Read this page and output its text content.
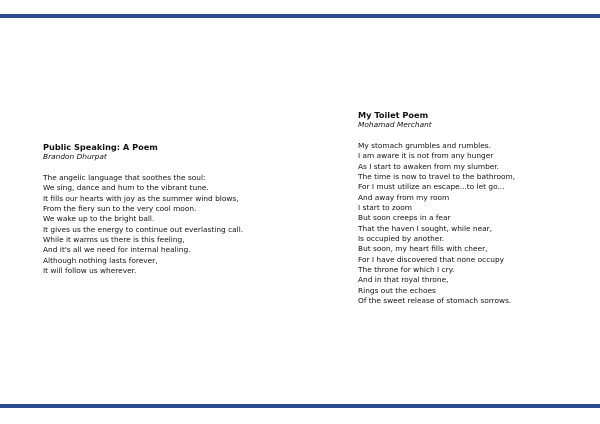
Public Speaking: A Poem

Brandon Dhurpat

The angelic language that soothes the soul:
We sing, dance and hum to the vibrant tune.
It fills our hearts with joy as the summer wind blows,
From the fiery sun to the very cool moon.
We wake up to the bright ball.
It gives us the energy to continue out everlasting call.
While it warms us there is this feeling,
And it's all we need for internal healing.
Although nothing lasts forever,
It will follow us wherever.

My Toilet Poem

Mohamad Merchant

My stomach grumbles and rumbles.
I am aware it is not from any hunger
As I start to awaken from my slumber.
The time is now to travel to the bathroom,
For I must utilize an escape...to let go...
And away from my room
I start to zoom
But soon creeps in a fear
That the haven I sought, while near,
Is occupied by another.
But soon, my heart fills with cheer,
For I have discovered that none occupy
The throne for which I cry.
And in that royal throne,
Rings out the echoes
Of the sweet release of stomach sorrows.
